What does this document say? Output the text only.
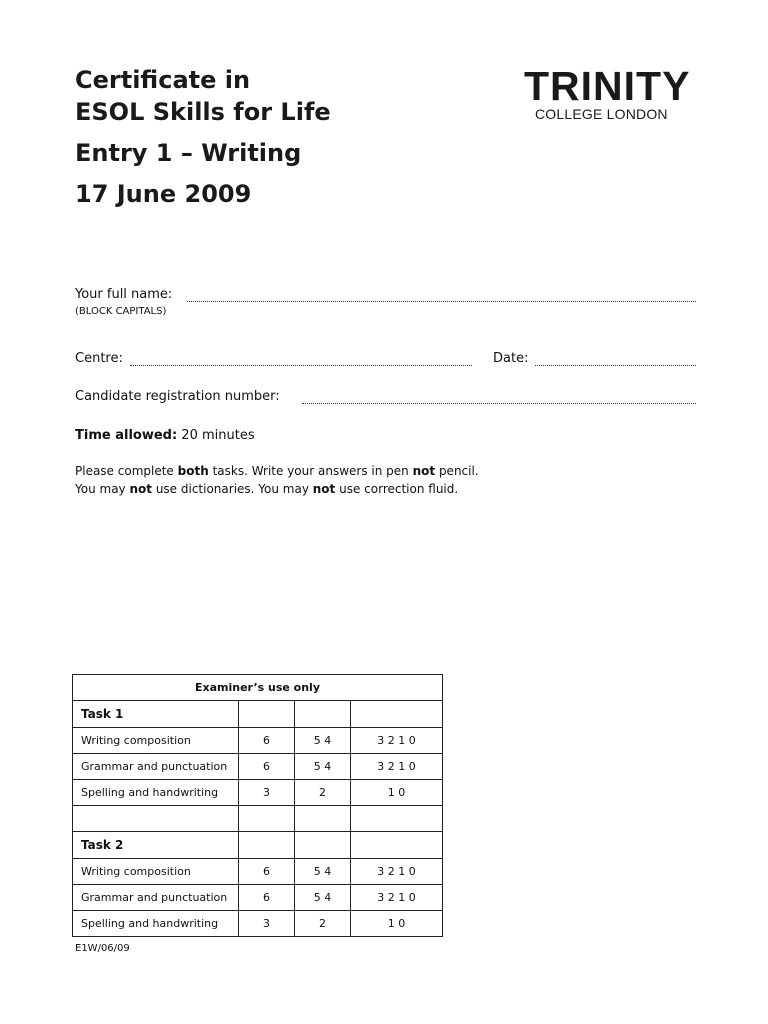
Certificate in
ESOL Skills for Life
Entry 1 – Writing
17 June 2009
TRINITY
COLLEGE LONDON
Your full name:
(BLOCK CAPITALS)
Centre:	Date:
Candidate registration number:
Time allowed: 20 minutes
Please complete both tasks. Write your answers in pen not pencil.
You may not use dictionaries. You may not use correction fluid.
Examiner’s use only			
Task 1			
Writing composition	6	5 4	3 2 1 0
Grammar and punctuation	6	5 4	3 2 1 0
Spelling and handwriting	3	2	1 0

Task 2			
Writing composition	6	5 4	3 2 1 0
Grammar and punctuation	6	5 4	3 2 1 0
Spelling and handwriting	3	2	1 0
E1W/06/09
